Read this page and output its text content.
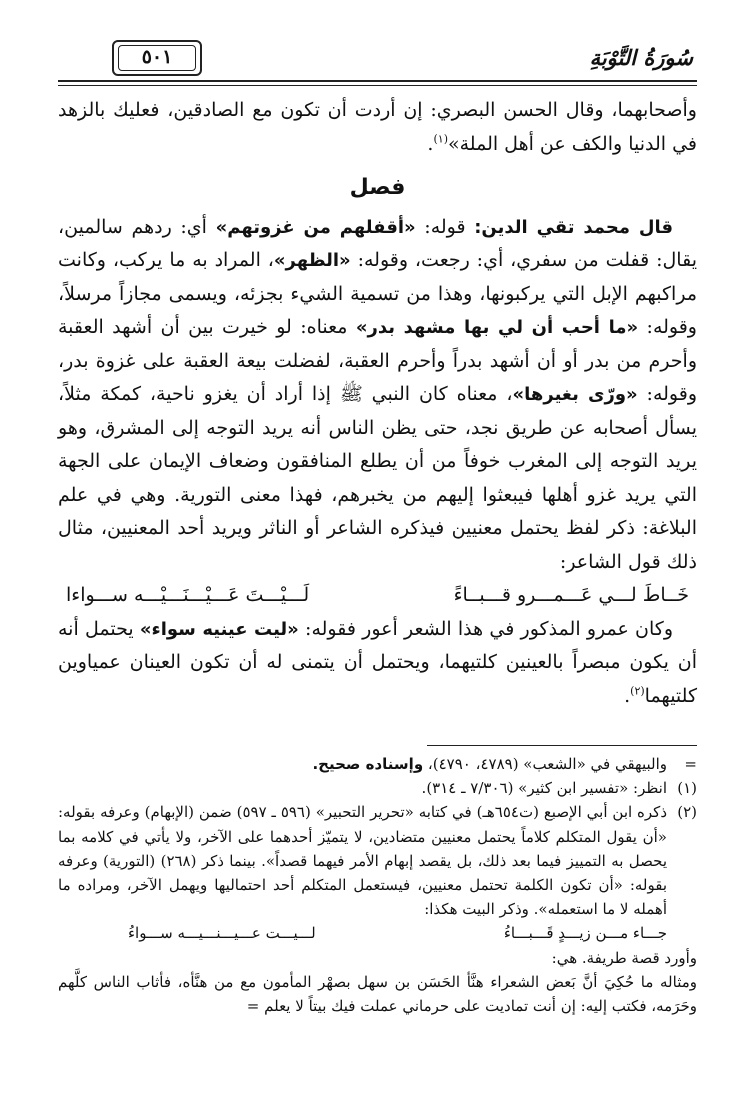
٥٠١	سُورَةُ التَّوْبَةِ

وأصحابهما، وقال الحسن البصري: إن أردت أن تكون مع الصادقين، فعليك بالزهد في الدنيا والكف عن أهل الملة»$^{(١)}$.

فصل

قال محمد تقي الدين: قوله: «أقفلهم من غزوتهم» أي: ردهم سالمين، يقال: قفلت من سفري، أي: رجعت، وقوله: «الظهر»، المراد به ما يركب، وكانت مراكبهم الإبل التي يركبونها، وهذا من تسمية الشيء بجزئه، ويسمى مجازاً مرسلاً، وقوله: «ما أحب أن لي بها مشهد بدر» معناه: لو خيرت بين أن أشهد العقبة وأحرم من بدر أو أن أشهد بدراً وأحرم العقبة، لفضلت بيعة العقبة على غزوة بدر، وقوله: «ورّى بغيرها»، معناه كان النبي ﷺ إذا أراد أن يغزو ناحية، كمكة مثلاً، يسأل أصحابه عن طريق نجد، حتى يظن الناس أنه يريد التوجه إلى المشرق، وهو يريد التوجه إلى المغرب خوفاً من أن يطلع المنافقون وضعاف الإيمان على الجهة التي يريد غزو أهلها فيبعثوا إليهم من يخبرهم، فهذا معنى التورية. وهي في علم البلاغة: ذكر لفظ يحتمل معنيين فيذكره الشاعر أو الناثر ويريد أحد المعنيين، مثال ذلك قول الشاعر:

خَــاطَ لـــي عَـــمـــرو قـــبــاءً
لَـــيْـــتَ عَـــيْـــنَـــيْـــه ســـواءا

وكان عمرو المذكور في هذا الشعر أعور فقوله: «ليت عينيه سواء» يحتمل أنه أن يكون مبصراً بالعينين كلتيهما، ويحتمل أن يتمنى له أن تكون العينان عمياوين كلتيهما$^{(٢)}$.

=
والبيهقي في «الشعب» (٤٧٨٩، ٤٧٩٠)، وإسناده صحيح.
(١)
انظر: «تفسير ابن كثير» (٧/٣٠٦ ـ ٣١٤).
(٢)
ذكره ابن أبي الإصبع (ت٦٥٤هـ) في كتابه «تحرير التحبير» (٥٩٦ ـ ٥٩٧) ضمن (الإبهام) وعرفه بقوله: «أن يقول المتكلم كلاماً يحتمل معنيين متضادين، لا يتميّز أحدهما على الآخر، ولا يأتي في كلامه بما يحصل به التمييز فيما بعد ذلك، بل يقصد إبهام الأمر فيهما قصداً». بينما ذكر (٢٦٨) (التورية) وعرفه بقوله: «أن تكون الكلمة تحتمل معنيين، فيستعمل المتكلم أحد احتماليها ويهمل الآخر، ومراده ما أهمله لا ما استعمله». وذكر البيت هكذا:
جـــاء مـــن زيـــدٍ قَـــبـــاءُ
لـــيـــت عـــيـــنـــيـــه ســـواءُ

وأورد قصة طريفة. هي:

ومثاله ما حُكِيَ أنَّ بَعض الشعراء هنَّأ الحَسَن بن سهل بصهْر المأمون مع من هنَّأه، فأثاب الناس كلَّهم وحَرَمه، فكتب إليه: إن أنت تماديت على حرماني عملت فيك بيتاً لا يعلم =
